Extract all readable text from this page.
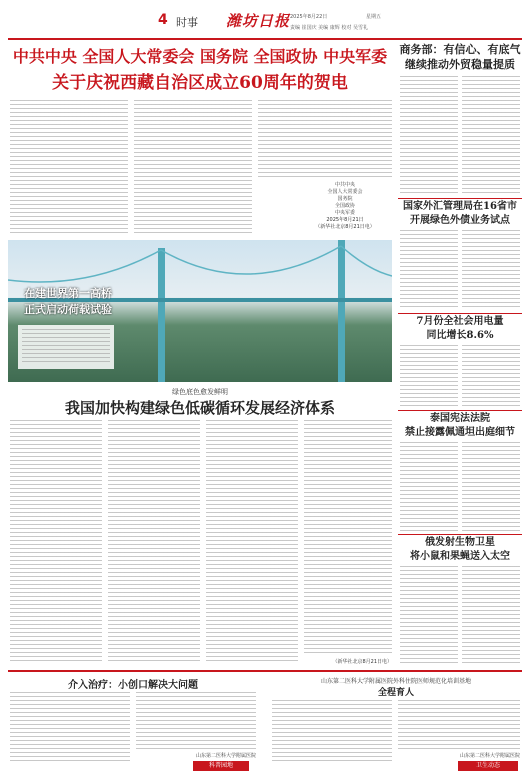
4 时事 潍坊日报 2025年8月22日	星期五
责编 崔国庆 美编 康辉 校对 吴雪礼
中共中央 全国人大常委会 国务院 全国政协 中央军委
关于庆祝西藏自治区成立60周年的贺电
中共中央
全国人大常委会
国务院
全国政协
中央军委
2025年8月21日
（新华社北京8月21日电）
在建世界第一高桥
正式启动荷载试验
绿色底色愈发鲜明
我国加快构建绿色低碳循环发展经济体系
（新华社北京8月21日电）
商务部：有信心、有底气
继续推动外贸稳量提质
国家外汇管理局在16省市
开展绿色外债业务试点
7月份全社会用电量
同比增长8.6%
泰国宪法法院
禁止接露佩通坦出庭细节
俄发射生物卫星
将小鼠和果蝇送入太空
介入治疗：小创口解决大问题
山东第二医科大学附属医院
科普园地
山东第二医科大学附属医院外科住院医师规范化培训基地
全程育人
山东第二医科大学附属医院
卫生动态
